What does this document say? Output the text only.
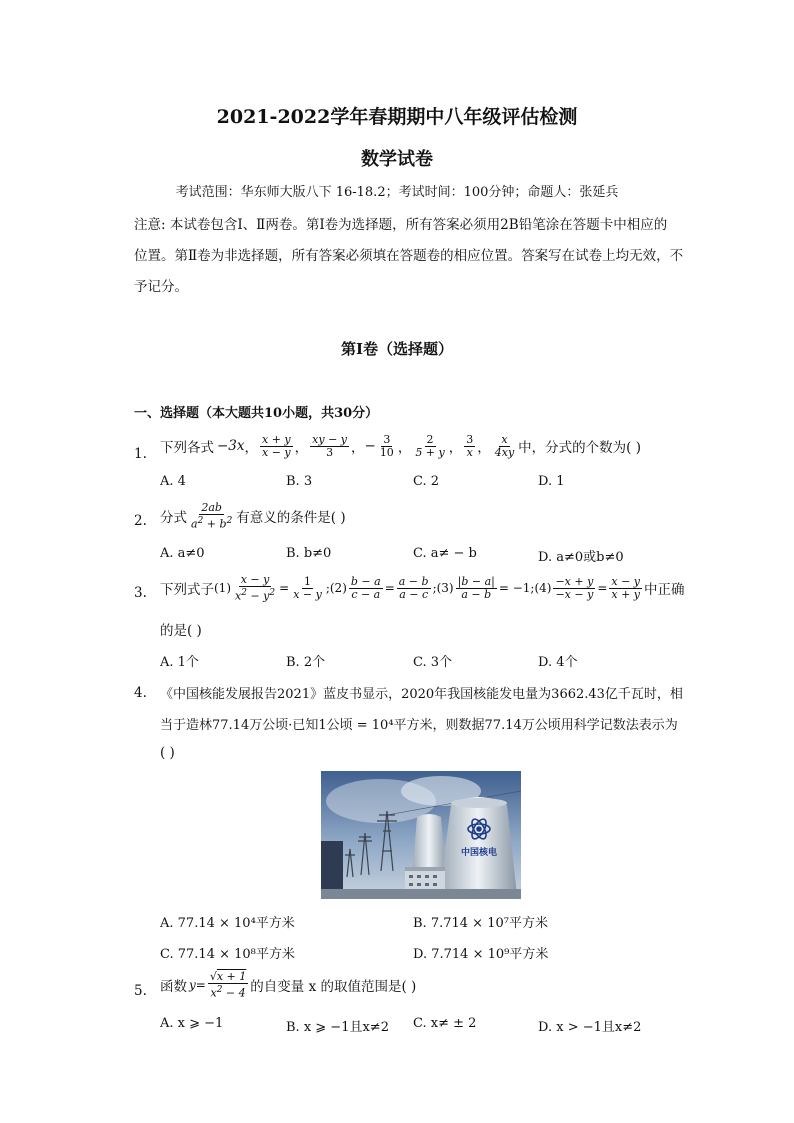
2021-2022学年春期期中八年级评估检测
数学试卷
考试范围：华东师大版八下 16-18.2；考试时间：100分钟；命题人：张延兵
注意: 本试卷包含Ⅰ、Ⅱ两卷。第Ⅰ卷为选择题，所有答案必须用2B铅笔涂在答题卡中相应的
位置。第Ⅱ卷为非选择题，所有答案必须填在答题卷的相应位置。答案写在试卷上均无效，不
予记分。
第Ⅰ卷（选择题）
一、选择题（本大题共10小题，共30分）
1. 下列各式 −3x ， $\frac{x + y}{x - y}$ ， $\frac{xy - y}{3}$ ， − $\frac{3}{10}$ ， $\frac{2}{5 + y}$ ， $\frac{3}{x}$ ， $\frac{x}{4xy}$ 中，分式的个数为( )
A. 4	B. 3	C. 2	D. 1
2. 分式 $\frac{2ab}{a^2 + b^2}$ 有意义的条件是( )
A. a≠0	B. b≠0	C. a≠ − b	D. a≠0或b≠0
3. 下列式子 $(1) \frac{x - y}{x^2 - y^2} = \frac{1}{x - y}$ ;(2) $\frac{b - a}{c - a} = \frac{a - b}{a - c}$ ;(3) $\frac{|b - a|}{a - b}$ = −1;(4) $\frac{-x + y}{-x - y} = \frac{x - y}{x + y}$ 中正确
的是( )
A. 1个	B. 2个	C. 3个	D. 4个
4. 《中国核能发展报告2021》蓝皮书显示，2020年我国核能发电量为3662.43亿千瓦时，相
当于造林77.14万公顷·已知1公顷 = 10⁴平方米，则数据77.14万公顷用科学记数法表示为
( )
中国核电
A. 77.14 × 10⁴平方米	B. 7.714 × 10⁷平方米
C. 77.14 × 10⁸平方米	D. 7.714 × 10⁹平方米
5. 函数 $y = \frac{√x + 1}{x^2 - 4}$ 的自变量 x 的取值范围是( )
A. x ⩾ −1	B. x ⩾ −1且x≠2 C. x≠ ± 2	D. x > −1且x≠2
